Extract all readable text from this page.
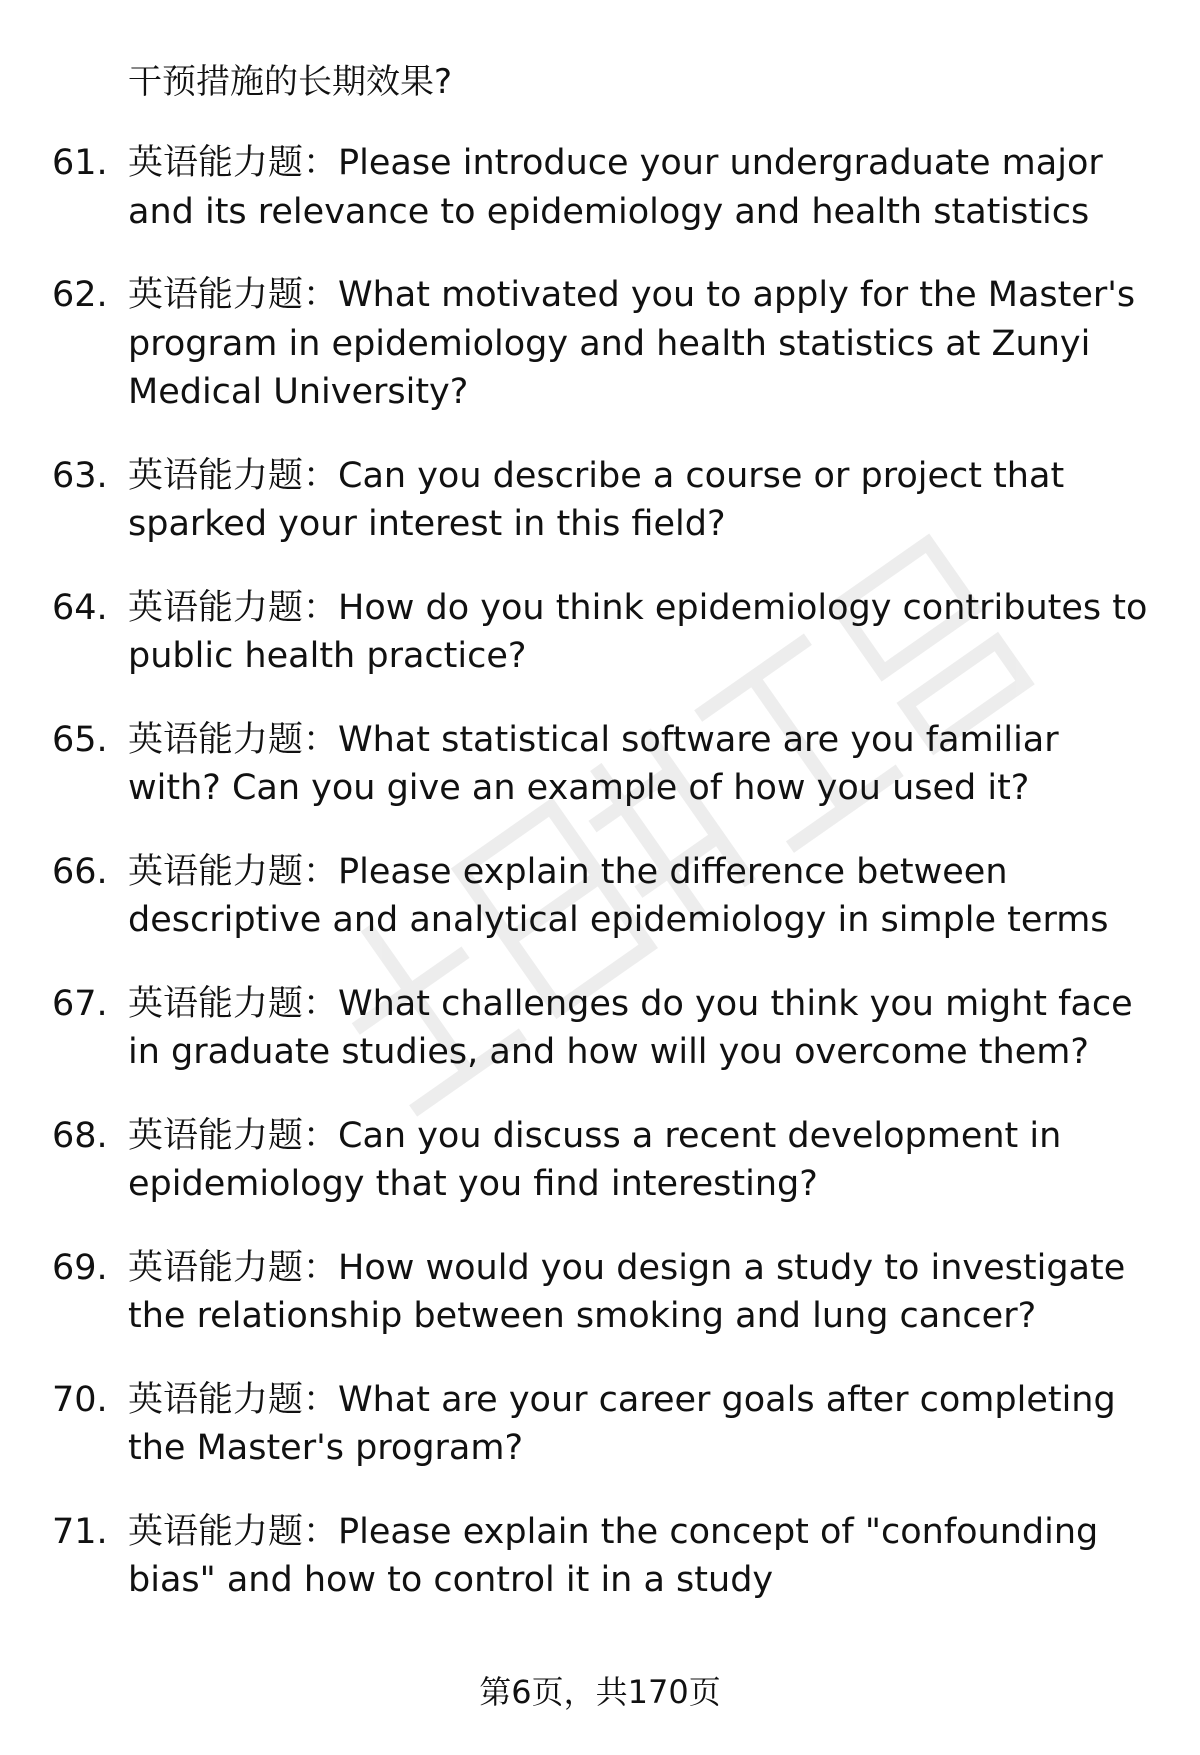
干预措施的长期效果?
61. 英语能力题：Please introduce your undergraduate major and its relevance to epidemiology and health statistics
62. 英语能力题：What motivated you to apply for the Master's program in epidemiology and health statistics at Zunyi Medical University?
63. 英语能力题：Can you describe a course or project that sparked your interest in this field?
64. 英语能力题：How do you think epidemiology contributes to public health practice?
65. 英语能力题：What statistical software are you familiar with? Can you give an example of how you used it?
66. 英语能力题：Please explain the difference between descriptive and analytical epidemiology in simple terms
67. 英语能力题：What challenges do you think you might face in graduate studies, and how will you overcome them?
68. 英语能力题：Can you discuss a recent development in epidemiology that you find interesting?
69. 英语能力题：How would you design a study to investigate the relationship between smoking and lung cancer?
70. 英语能力题：What are your career goals after completing the Master's program?
71. 英语能力题：Please explain the concept of "confounding bias" and how to control it in a study
第6页，共170页
